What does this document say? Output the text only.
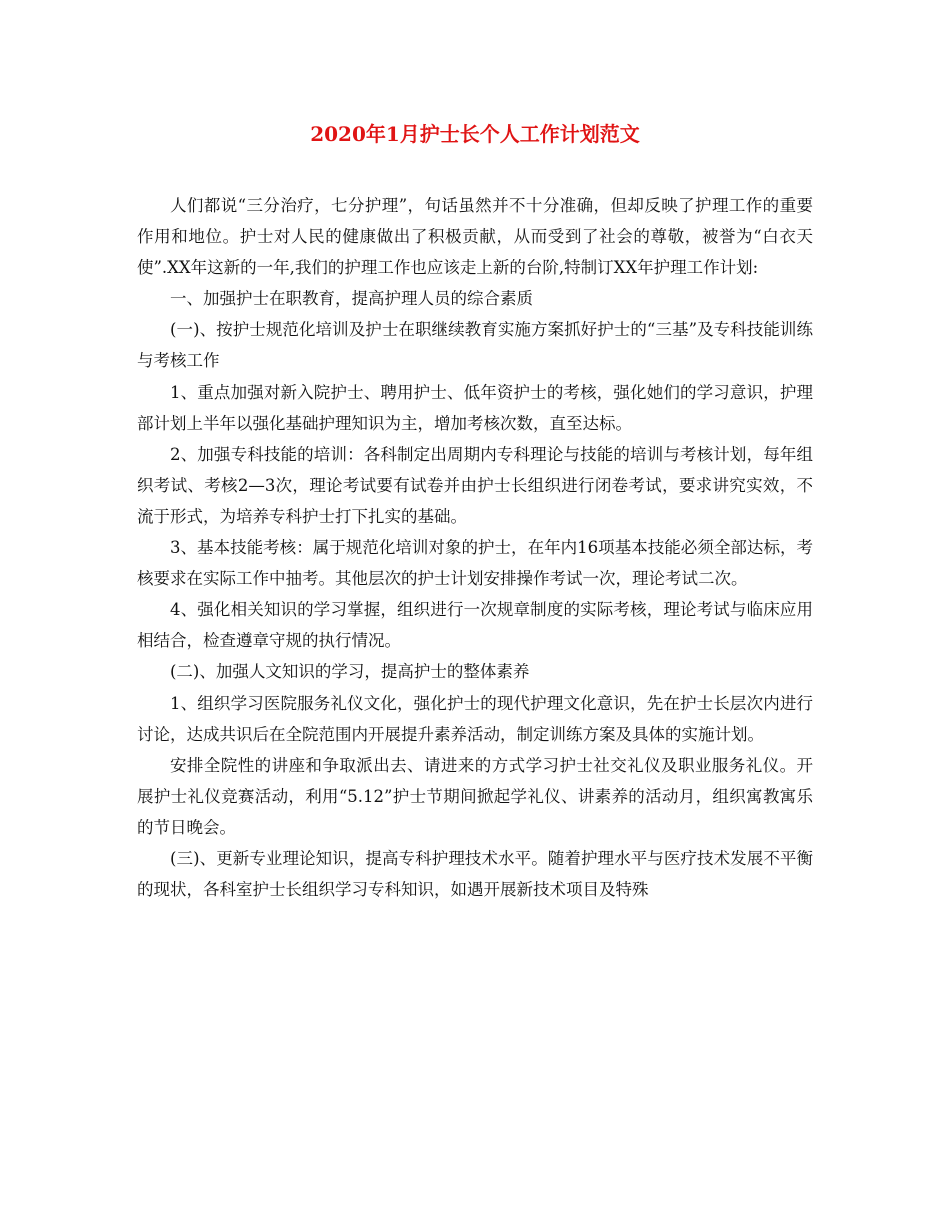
2020年1月护士长个人工作计划范文

人们都说“三分治疗，七分护理”，句话虽然并不十分准确，但却反映了护理工作的重要作用和地位。护士对人民的健康做出了积极贡献，从而受到了社会的尊敬，被誉为“白衣天使”.XX年这新的一年,我们的护理工作也应该走上新的台阶,特制订XX年护理工作计划:

一、加强护士在职教育，提高护理人员的综合素质

(一)、按护士规范化培训及护士在职继续教育实施方案抓好护士的“三基”及专科技能训练与考核工作

1、重点加强对新入院护士、聘用护士、低年资护士的考核，强化她们的学习意识，护理部计划上半年以强化基础护理知识为主，增加考核次数，直至达标。

2、加强专科技能的培训：各科制定出周期内专科理论与技能的培训与考核计划，每年组织考试、考核2—3次，理论考试要有试卷并由护士长组织进行闭卷考试，要求讲究实效，不流于形式，为培养专科护士打下扎实的基础。

3、基本技能考核：属于规范化培训对象的护士，在年内16项基本技能必须全部达标，考核要求在实际工作中抽考。其他层次的护士计划安排操作考试一次，理论考试二次。

4、强化相关知识的学习掌握，组织进行一次规章制度的实际考核，理论考试与临床应用相结合，检查遵章守规的执行情况。

(二)、加强人文知识的学习，提高护士的整体素养

1、组织学习医院服务礼仪文化，强化护士的现代护理文化意识，先在护士长层次内进行讨论，达成共识后在全院范围内开展提升素养活动，制定训练方案及具体的实施计划。

安排全院性的讲座和争取派出去、请进来的方式学习护士社交礼仪及职业服务礼仪。开展护士礼仪竞赛活动，利用“5.12”护士节期间掀起学礼仪、讲素养的活动月，组织寓教寓乐的节日晚会。

(三)、更新专业理论知识，提高专科护理技术水平。随着护理水平与医疗技术发展不平衡的现状，各科室护士长组织学习专科知识，如遇开展新技术项目及特殊
